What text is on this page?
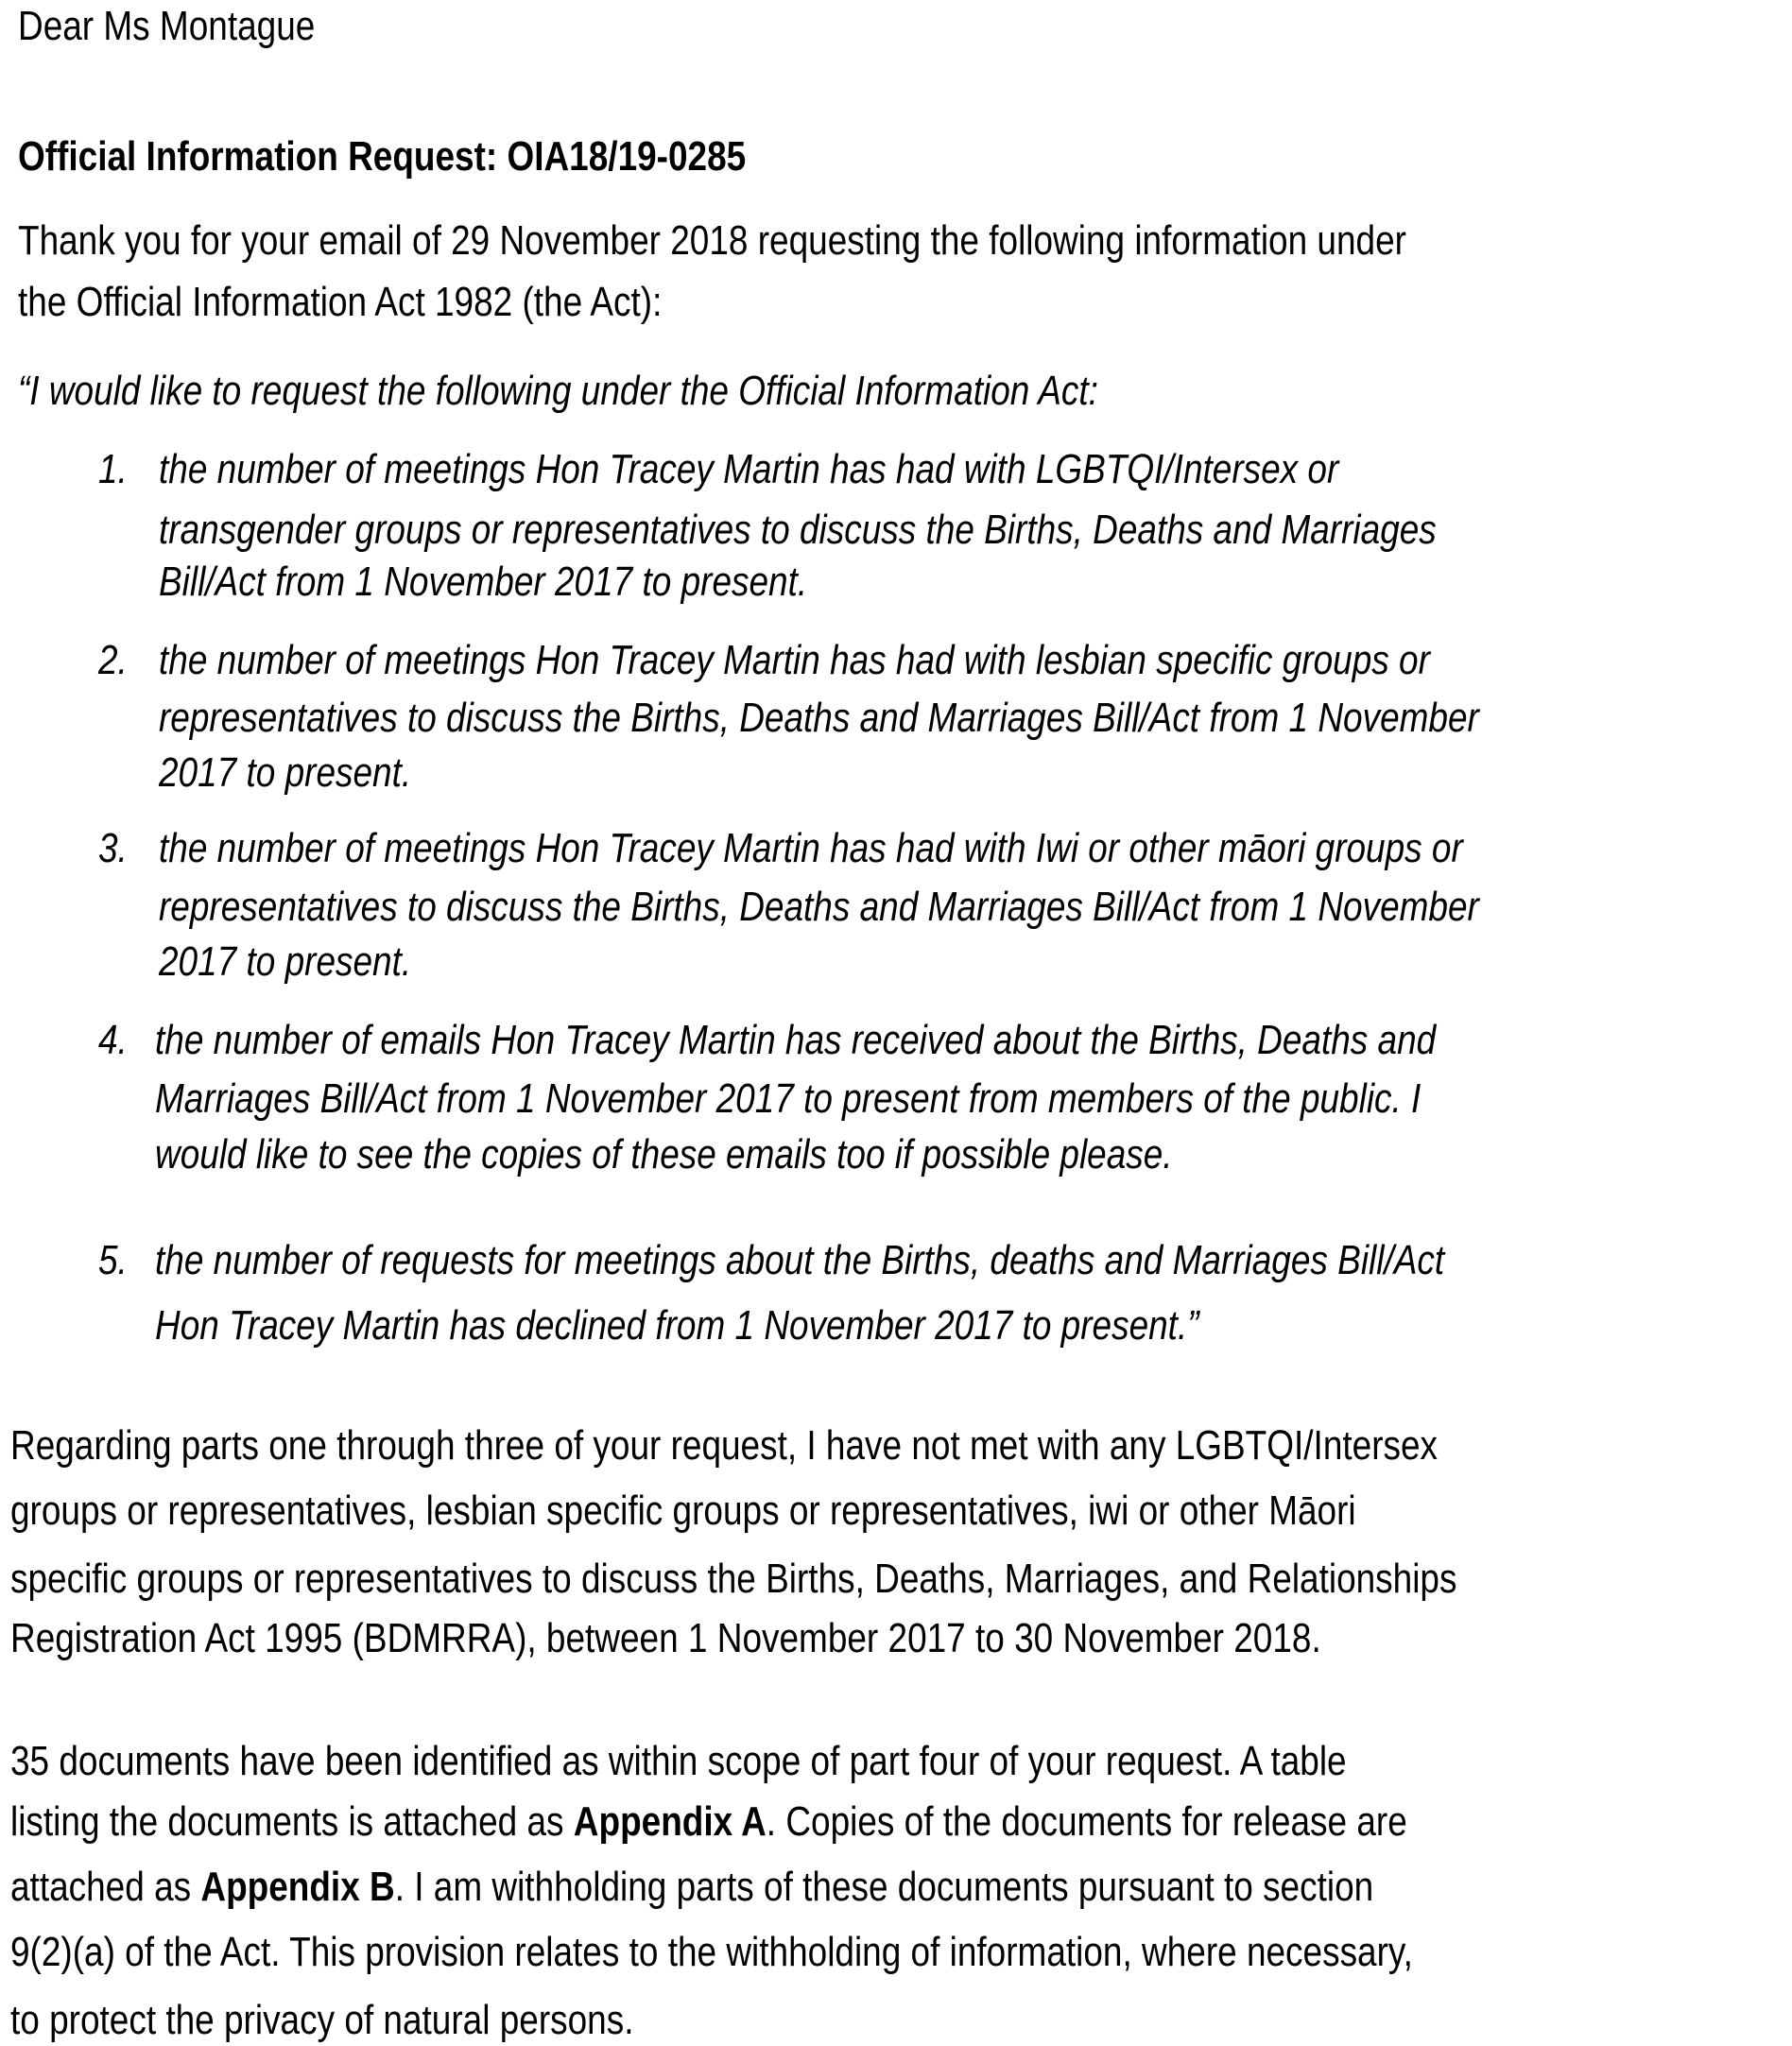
Dear Ms Montague
Official Information Request: OIA18/19-0285
Thank you for your email of 29 November 2018 requesting the following information under
the Official Information Act 1982 (the Act):
“I would like to request the following under the Official Information Act:
1. the number of meetings Hon Tracey Martin has had with LGBTQI/Intersex or
transgender groups or representatives to discuss the Births, Deaths and Marriages
Bill/Act from 1 November 2017 to present.
2. the number of meetings Hon Tracey Martin has had with lesbian specific groups or
representatives to discuss the Births, Deaths and Marriages Bill/Act from 1 November
2017 to present.
3. the number of meetings Hon Tracey Martin has had with Iwi or other māori groups or
representatives to discuss the Births, Deaths and Marriages Bill/Act from 1 November
2017 to present.
4. the number of emails Hon Tracey Martin has received about the Births, Deaths and
Marriages Bill/Act from 1 November 2017 to present from members of the public. I
would like to see the copies of these emails too if possible please.
5. the number of requests for meetings about the Births, deaths and Marriages Bill/Act
Hon Tracey Martin has declined from 1 November 2017 to present.”
Regarding parts one through three of your request, I have not met with any LGBTQI/Intersex
groups or representatives, lesbian specific groups or representatives, iwi or other Māori
specific groups or representatives to discuss the Births, Deaths, Marriages, and Relationships
Registration Act 1995 (BDMRRA), between 1 November 2017 to 30 November 2018.
35 documents have been identified as within scope of part four of your request. A table
listing the documents is attached as Appendix A. Copies of the documents for release are
attached as Appendix B. I am withholding parts of these documents pursuant to section
9(2)(a) of the Act. This provision relates to the withholding of information, where necessary,
to protect the privacy of natural persons.
